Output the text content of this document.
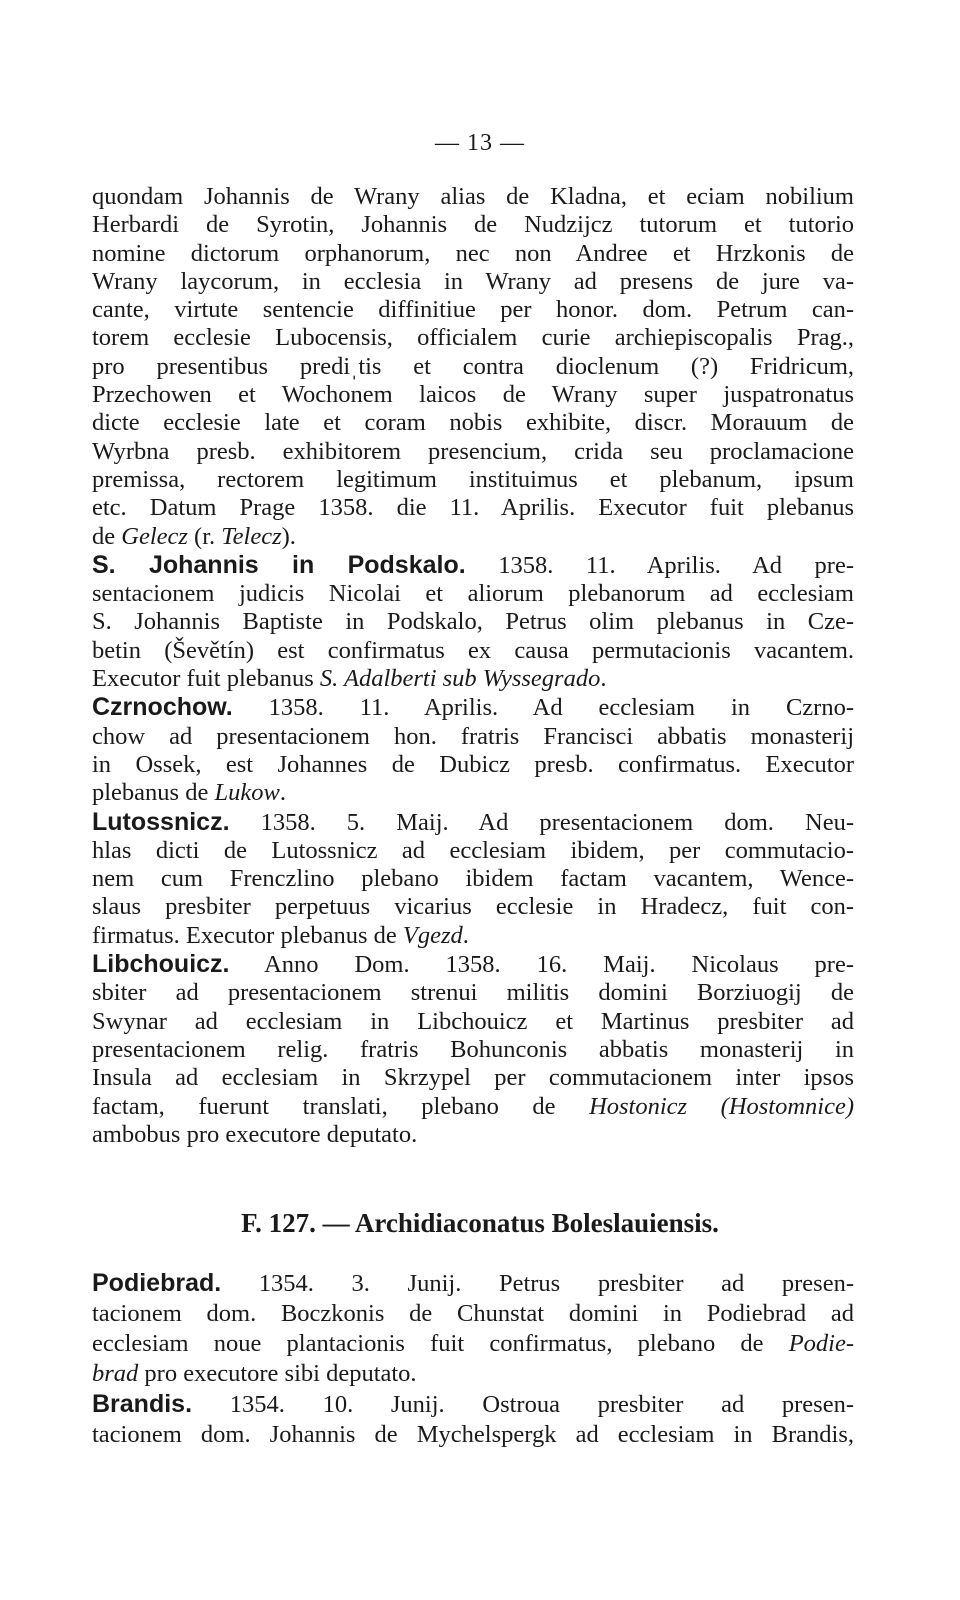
— 13 —
quondam Johannis de Wrany alias de Kladna, et eciam nobilium
Herbardi de Syrotin, Johannis de Nudzijcz tutorum et tutorio
nomine dictorum orphanorum, nec non Andree et Hrzkonis de
Wrany laycorum, in ecclesia in Wrany ad presens de jure va-
cante, virtute sentencie diffinitiue per honor. dom. Petrum can-
torem ecclesie Lubocensis, officialem curie archiepiscopalis Prag.,
pro presentibus prediˌtis et contra dioclenum (?) Fridricum,
Przechowen et Wochonem laicos de Wrany super juspatronatus
dicte ecclesie late et coram nobis exhibite, discr. Morauum de
Wyrbna presb. exhibitorem presencium, crida seu proclamacione
premissa, rectorem legitimum instituimus et plebanum, ipsum
etc. Datum Prage 1358. die 11. Aprilis. Executor fuit plebanus
de Gelecz (r. Telecz).
S. Johannis in Podskalo. 1358. 11. Aprilis. Ad pre-
sentacionem judicis Nicolai et aliorum plebanorum ad ecclesiam
S. Johannis Baptiste in Podskalo, Petrus olim plebanus in Cze-
betin (Ševětín) est confirmatus ex causa permutacionis vacantem.
Executor fuit plebanus S. Adalberti sub Wyssegrado.
Czrnochow. 1358. 11. Aprilis. Ad ecclesiam in Czrno-
chow ad presentacionem hon. fratris Francisci abbatis monasterij
in Ossek, est Johannes de Dubicz presb. confirmatus. Executor
plebanus de Lukow.
Lutossnicz. 1358. 5. Maij. Ad presentacionem dom. Neu-
hlas dicti de Lutossnicz ad ecclesiam ibidem, per commutacio-
nem cum Frenczlino plebano ibidem factam vacantem, Wence-
slaus presbiter perpetuus vicarius ecclesie in Hradecz, fuit con-
firmatus. Executor plebanus de Vgezd.
Libchouicz. Anno Dom. 1358. 16. Maij. Nicolaus pre-
sbiter ad presentacionem strenui militis domini Borziuogij de
Swynar ad ecclesiam in Libchouicz et Martinus presbiter ad
presentacionem relig. fratris Bohunconis abbatis monasterij in
Insula ad ecclesiam in Skrzypel per commutacionem inter ipsos
factam, fuerunt translati, plebano de Hostonicz (Hostomnice)
ambobus pro executore deputato.
F. 127. — Archidiaconatus Boleslauiensis.
Podiebrad. 1354. 3. Junij. Petrus presbiter ad presen-
tacionem dom. Boczkonis de Chunstat domini in Podiebrad ad
ecclesiam noue plantacionis fuit confirmatus, plebano de Podie-
brad pro executore sibi deputato.
Brandis. 1354. 10. Junij. Ostroua presbiter ad presen-
tacionem dom. Johannis de Mychelspergk ad ecclesiam in Brandis,
